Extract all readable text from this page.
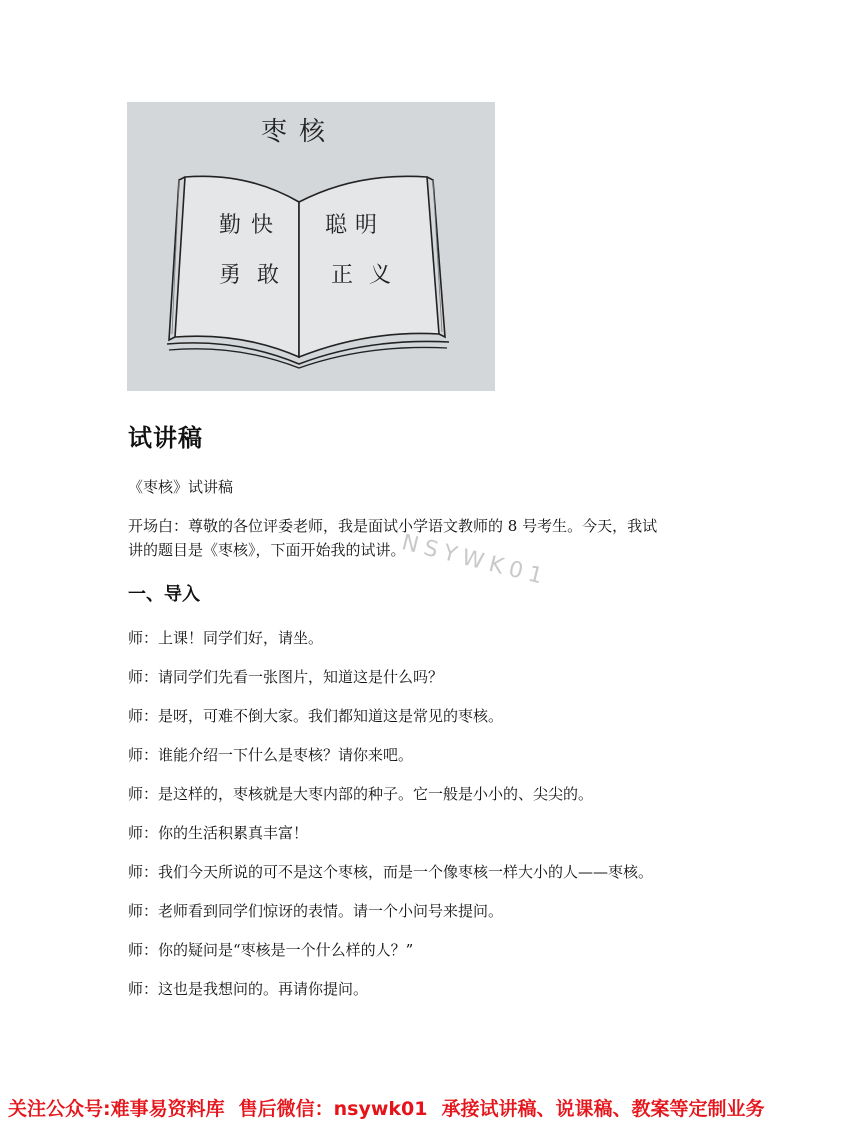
枣核
勤快
勇敢
聪明
正义
试讲稿
《枣核》试讲稿
开场白：尊敬的各位评委老师，我是面试小学语文教师的 8 号考生。今天，我试
讲的题目是《枣核》，下面开始我的试讲。
NSYWK01
一、导入
师：上课！同学们好，请坐。
师：请同学们先看一张图片，知道这是什么吗？
师：是呀，可难不倒大家。我们都知道这是常见的枣核。
师：谁能介绍一下什么是枣核？请你来吧。
师：是这样的，枣核就是大枣内部的种子。它一般是小小的、尖尖的。
师：你的生活积累真丰富！
师：我们今天所说的可不是这个枣核，而是一个像枣核一样大小的人——枣核。
师：老师看到同学们惊讶的表情。请一个小问号来提问。
师：你的疑问是“枣核是一个什么样的人？”
师：这也是我想问的。再请你提问。
关注公众号:难事易资料库 售后微信：nsywk01 承接试讲稿、说课稿、教案等定制业务
